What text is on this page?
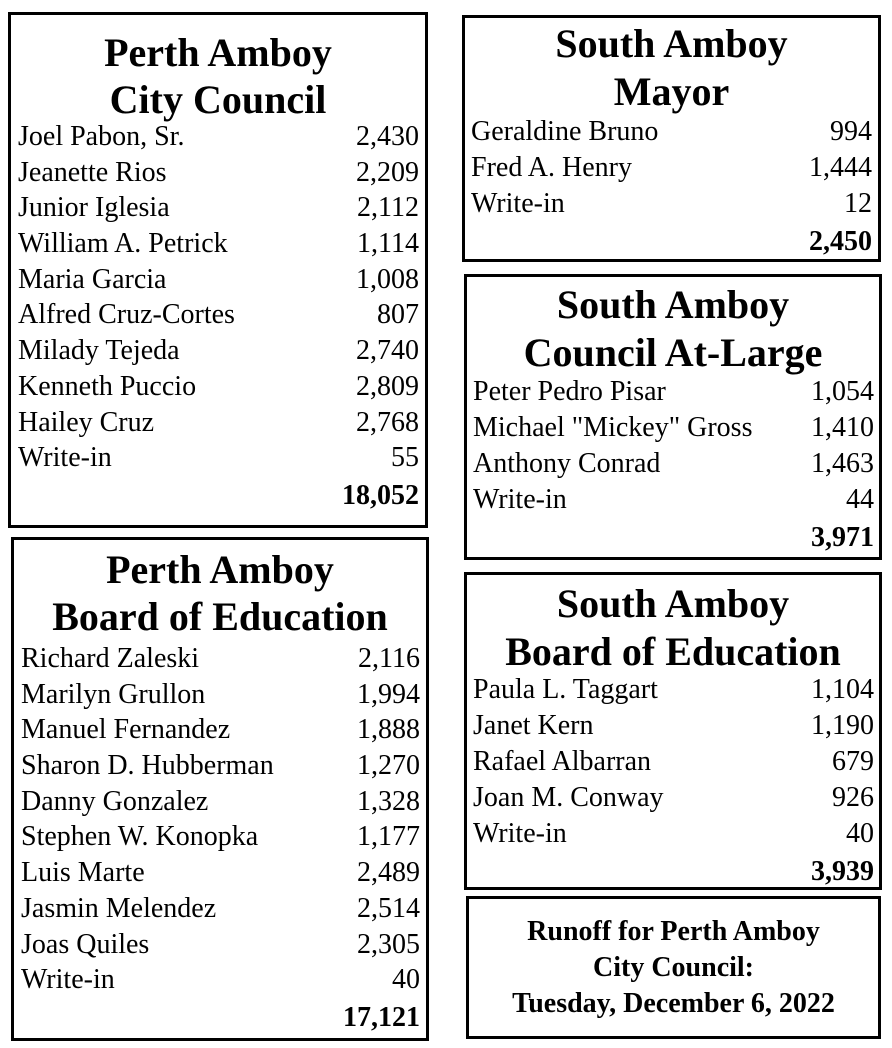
Perth Amboy
City Council
Joel Pabon, Sr.	2,430
Jeanette Rios	2,209
Junior Iglesia	2,112
William A. Petrick	1,114
Maria Garcia	1,008
Alfred Cruz-Cortes	807
Milady Tejeda	2,740
Kenneth Puccio	2,809
Hailey Cruz	2,768
Write-in	55
18,052
Perth Amboy
Board of Education
Richard Zaleski	2,116
Marilyn Grullon	1,994
Manuel Fernandez	1,888
Sharon D. Hubberman	1,270
Danny Gonzalez	1,328
Stephen W. Konopka	1,177
Luis Marte	2,489
Jasmin Melendez	2,514
Joas Quiles	2,305
Write-in	40
17,121
South Amboy
Mayor
Geraldine Bruno	994
Fred A. Henry	1,444
Write-in	12
2,450
South Amboy
Council At-Large
Peter Pedro Pisar	1,054
Michael "Mickey" Gross 1,410
Anthony Conrad	1,463
Write-in	44
3,971
South Amboy
Board of Education
Paula L. Taggart	1,104
Janet Kern	1,190
Rafael Albarran	679
Joan M. Conway	926
Write-in	40
3,939
Runoff for Perth Amboy
City Council:
Tuesday, December 6, 2022
